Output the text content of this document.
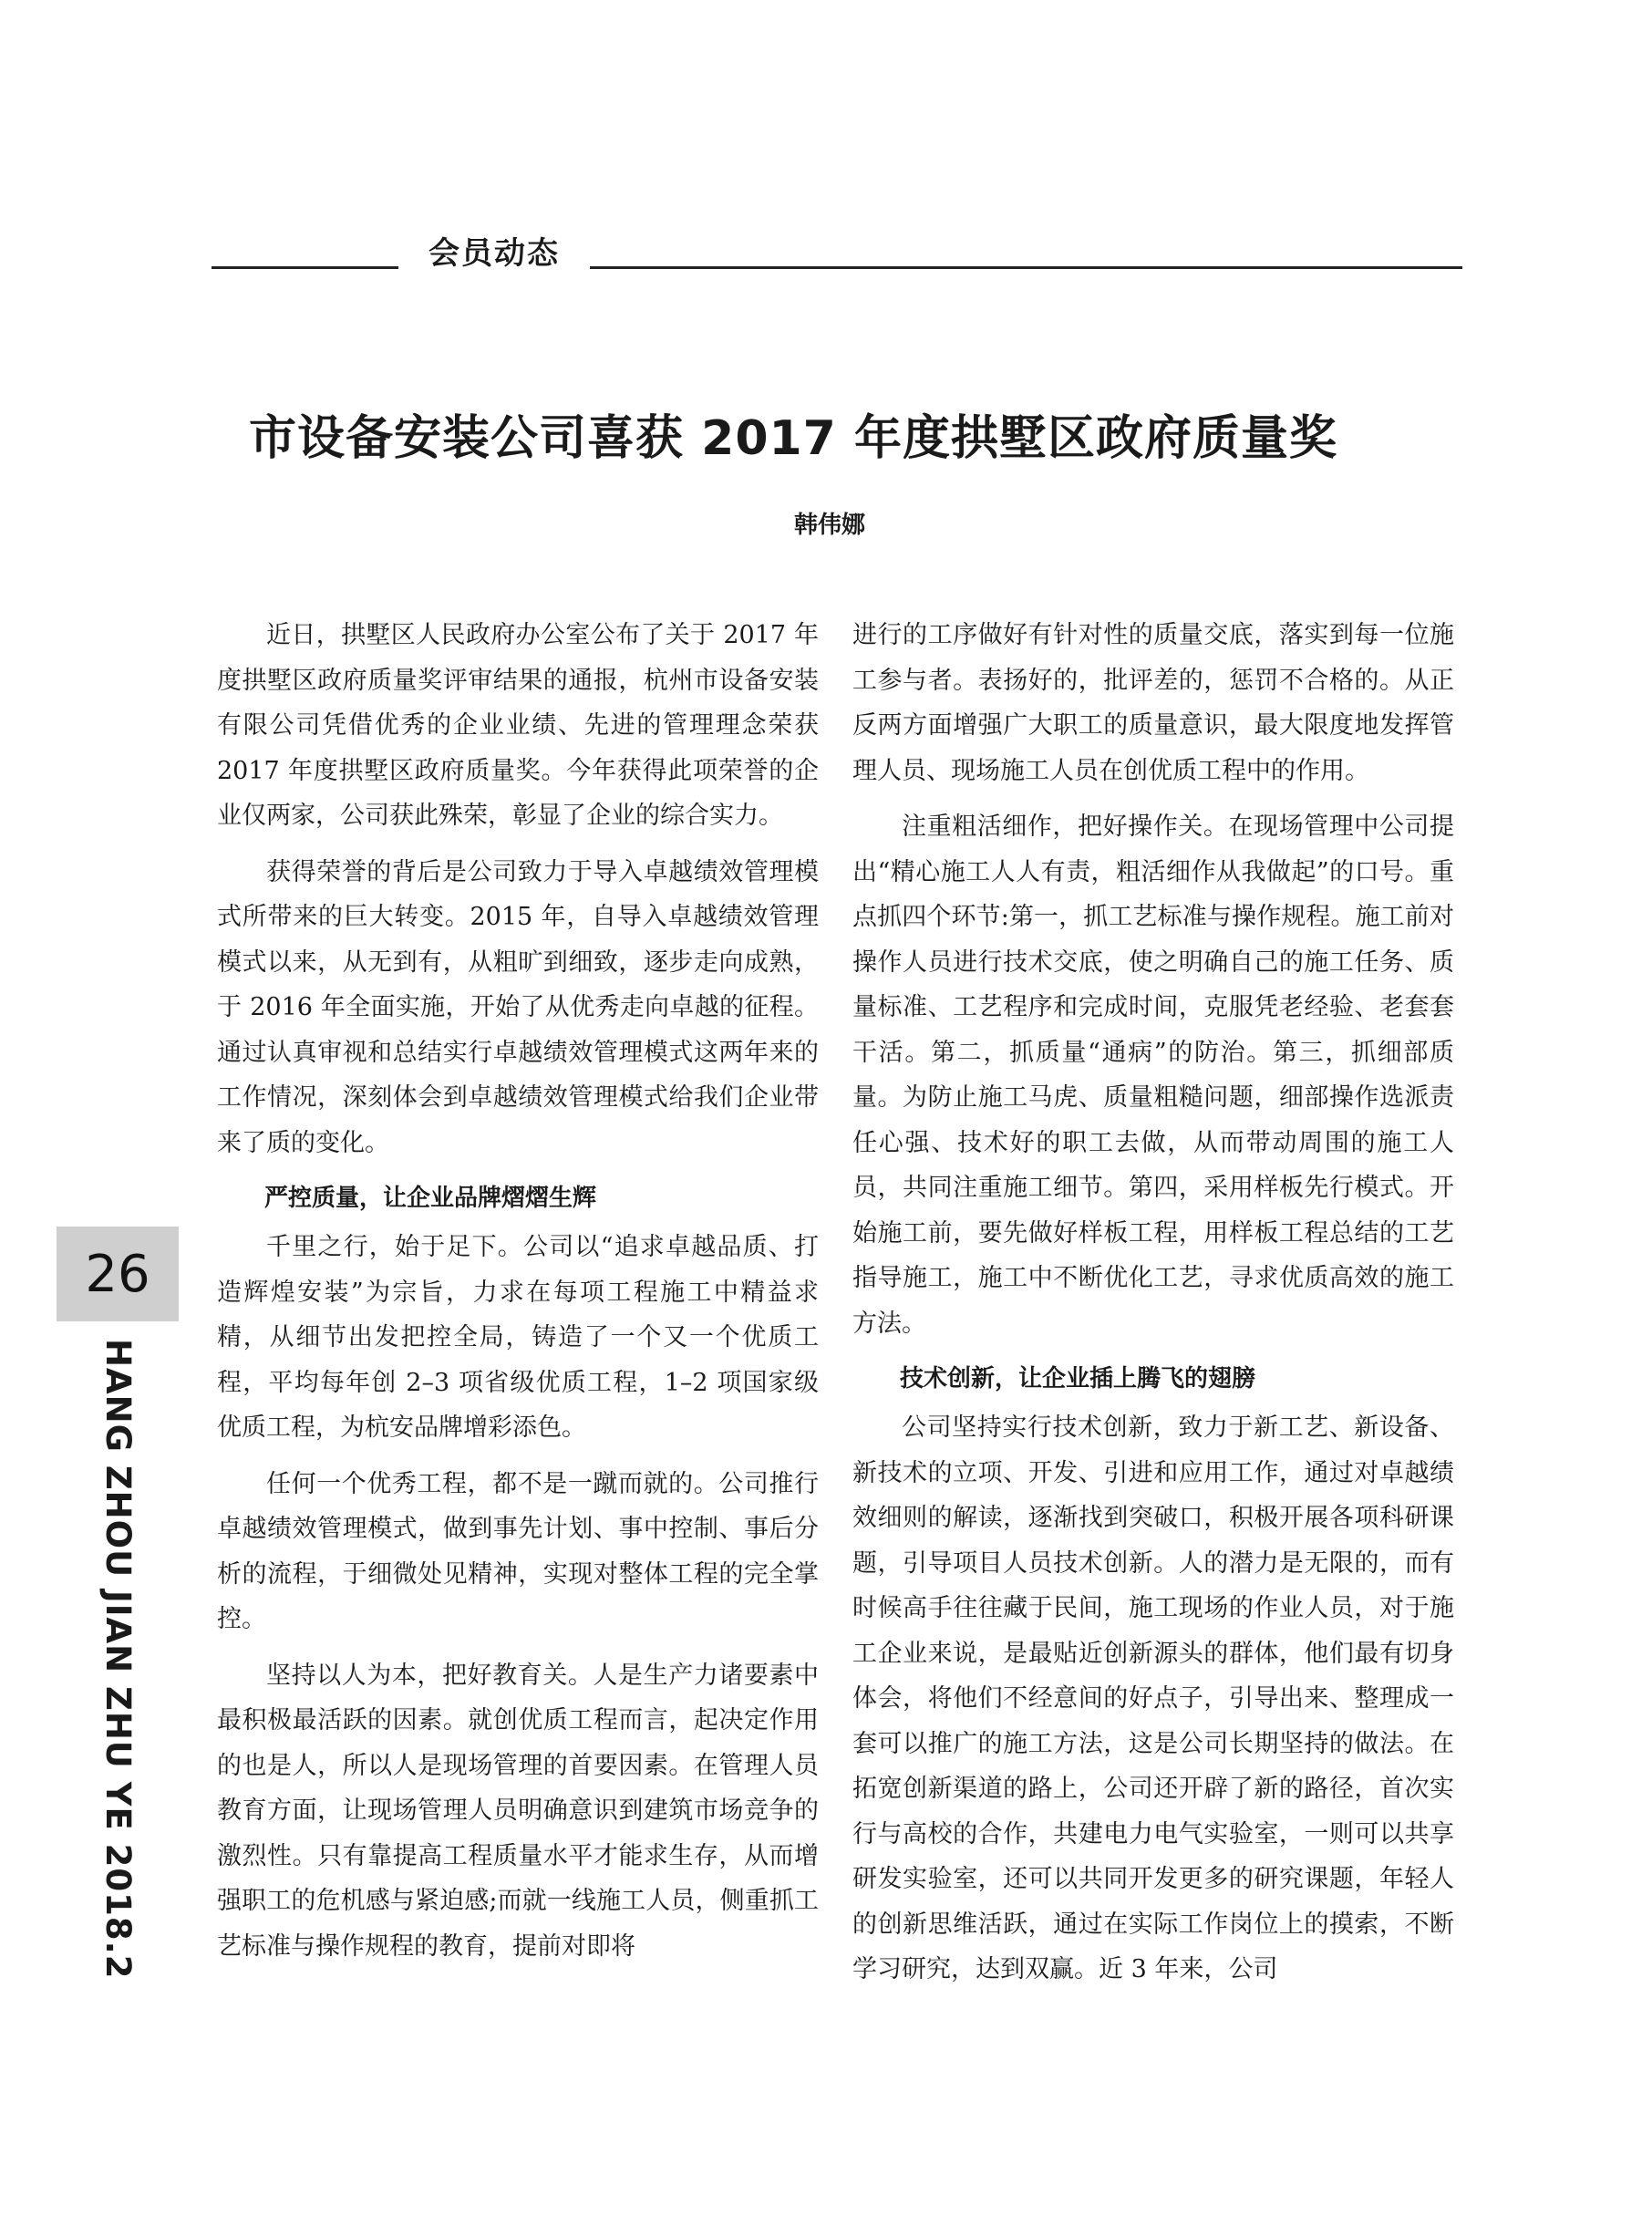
会员动态
市设备安装公司喜获 2017 年度拱墅区政府质量奖
韩伟娜

近日，拱墅区人民政府办公室公布了关于 2017 年度拱墅区政府质量奖评审结果的通报，杭州市设备安装有限公司凭借优秀的企业业绩、先进的管理理念荣获 2017 年度拱墅区政府质量奖。今年获得此项荣誉的企业仅两家，公司获此殊荣，彰显了企业的综合实力。

获得荣誉的背后是公司致力于导入卓越绩效管理模式所带来的巨大转变。2015 年，自导入卓越绩效管理模式以来，从无到有，从粗旷到细致，逐步走向成熟，于 2016 年全面实施，开始了从优秀走向卓越的征程。通过认真审视和总结实行卓越绩效管理模式这两年来的工作情况，深刻体会到卓越绩效管理模式给我们企业带来了质的变化。

严控质量，让企业品牌熠熠生辉

千里之行，始于足下。公司以“追求卓越品质、打造辉煌安装”为宗旨，力求在每项工程施工中精益求精，从细节出发把控全局，铸造了一个又一个优质工程，平均每年创 2–3 项省级优质工程，1–2 项国家级优质工程，为杭安品牌增彩添色。

任何一个优秀工程，都不是一蹴而就的。公司推行卓越绩效管理模式，做到事先计划、事中控制、事后分析的流程，于细微处见精神，实现对整体工程的完全掌控。

坚持以人为本，把好教育关。人是生产力诸要素中最积极最活跃的因素。就创优质工程而言，起决定作用的也是人，所以人是现场管理的首要因素。在管理人员教育方面，让现场管理人员明确意识到建筑市场竞争的激烈性。只有靠提高工程质量水平才能求生存，从而增强职工的危机感与紧迫感;而就一线施工人员，侧重抓工艺标准与操作规程的教育，提前对即将

进行的工序做好有针对性的质量交底，落实到每一位施工参与者。表扬好的，批评差的，惩罚不合格的。从正反两方面增强广大职工的质量意识，最大限度地发挥管理人员、现场施工人员在创优质工程中的作用。

注重粗活细作，把好操作关。在现场管理中公司提出“精心施工人人有责，粗活细作从我做起”的口号。重点抓四个环节:第一，抓工艺标准与操作规程。施工前对操作人员进行技术交底，使之明确自己的施工任务、质量标准、工艺程序和完成时间，克服凭老经验、老套套干活。第二，抓质量“通病”的防治。第三，抓细部质量。为防止施工马虎、质量粗糙问题，细部操作选派责任心强、技术好的职工去做，从而带动周围的施工人员，共同注重施工细节。第四，采用样板先行模式。开始施工前，要先做好样板工程，用样板工程总结的工艺指导施工，施工中不断优化工艺，寻求优质高效的施工方法。

技术创新，让企业插上腾飞的翅膀

公司坚持实行技术创新，致力于新工艺、新设备、新技术的立项、开发、引进和应用工作，通过对卓越绩效细则的解读，逐渐找到突破口，积极开展各项科研课题，引导项目人员技术创新。人的潜力是无限的，而有时候高手往往藏于民间，施工现场的作业人员，对于施工企业来说，是最贴近创新源头的群体，他们最有切身体会，将他们不经意间的好点子，引导出来、整理成一套可以推广的施工方法，这是公司长期坚持的做法。在拓宽创新渠道的路上，公司还开辟了新的路径，首次实行与高校的合作，共建电力电气实验室，一则可以共享研发实验室，还可以共同开发更多的研究课题，年轻人的创新思维活跃，通过在实际工作岗位上的摸索，不断学习研究，达到双赢。近 3 年来，公司

26
HANG ZHOU JIAN ZHU YE 2018.2
